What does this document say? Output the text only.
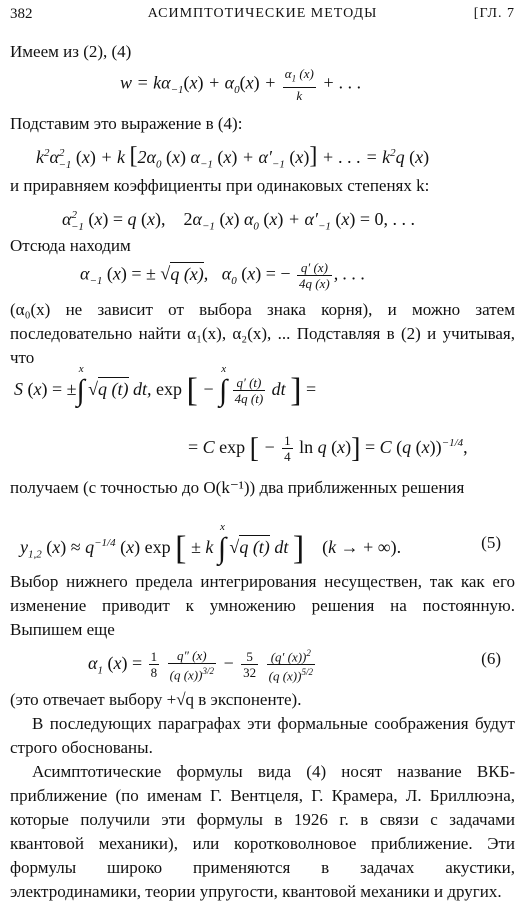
382	АСИМПТОТИЧЕСКИЕ МЕТОДЫ	[ГЛ. 7
Имеем из (2), (4)
$w = k\alpha_{-1}(x) + \alpha_0(x) + \frac{\alpha_1 (x)}{k}$ + . . .
Подставим это выражение в (4):
$k^2\alpha^2_{-1}$ (x) + k [$2\alpha_0$ (x) $\alpha_{-1}$ $(x) + \alpha'_{-1}$ (x)] + . . . = $k^2q$ (x)
и приравняем коэффициенты при одинаковых степенях k:
$\alpha^2_{-1}$ (x) = q (x), $2\alpha_{-1}$ (x) $\alpha_0$ $(x) + \alpha'_{-1}$ (x) = 0, . . .
Отсюда находим
$\alpha_{-1}$ (x) = ± √q (x),   $\alpha_0$ (x) = − $\frac{q' (x)}{4q (x)}$ , . . .
(α₀(x) не зависит от выбора знака корня), и можно затем последовательно найти α₁(x), α₂(x), ... Подставляя в (2) и учитывая, что
S (x) = ±∫$^x$ √q (t) dt, exp [ − ∫$^x$
$\frac{q' (t)}{4q (t)}$ dt ] =
= C exp [ − $\frac{1}{4}$ ln q (x)] = C (q (x))$^{-1/4}$,
получаем (с точностью до O(k⁻¹)) два приближенных решения
$y_{1,2}$ $(x) \approx q^{-1/4}$ (x) exp [ ± k ∫$^x$ √q (t) dt ] (k → + ∞).	(5)
Выбор нижнего предела интегрирования несуществен, так как его изменение приводит к умножению решения на постоянную. Выпишем еще
$\alpha_1$ $(x) = \frac{1}{8}$
$\frac{q'' (x)}{(q (x))^{3/2}} - \frac{5}{32}$
$\frac{(q' (x))^2}{(q (x))^{5/2}}$	(6)
(это отвечает выбору +√q в экспоненте).
В последующих параграфах эти формальные соображения будут строго обоснованы.
Асимптотические формулы вида (4) носят название ВКБ-приближение (по именам Г. Вентцеля, Г. Крамера, Л. Бриллюэна, которые получили эти формулы в 1926 г. в связи с задачами квантовой механики), или коротковолновое приближение. Эти формулы широко применяются в задачах акустики, электродинамики, теории упругости, квантовой механики и других.
